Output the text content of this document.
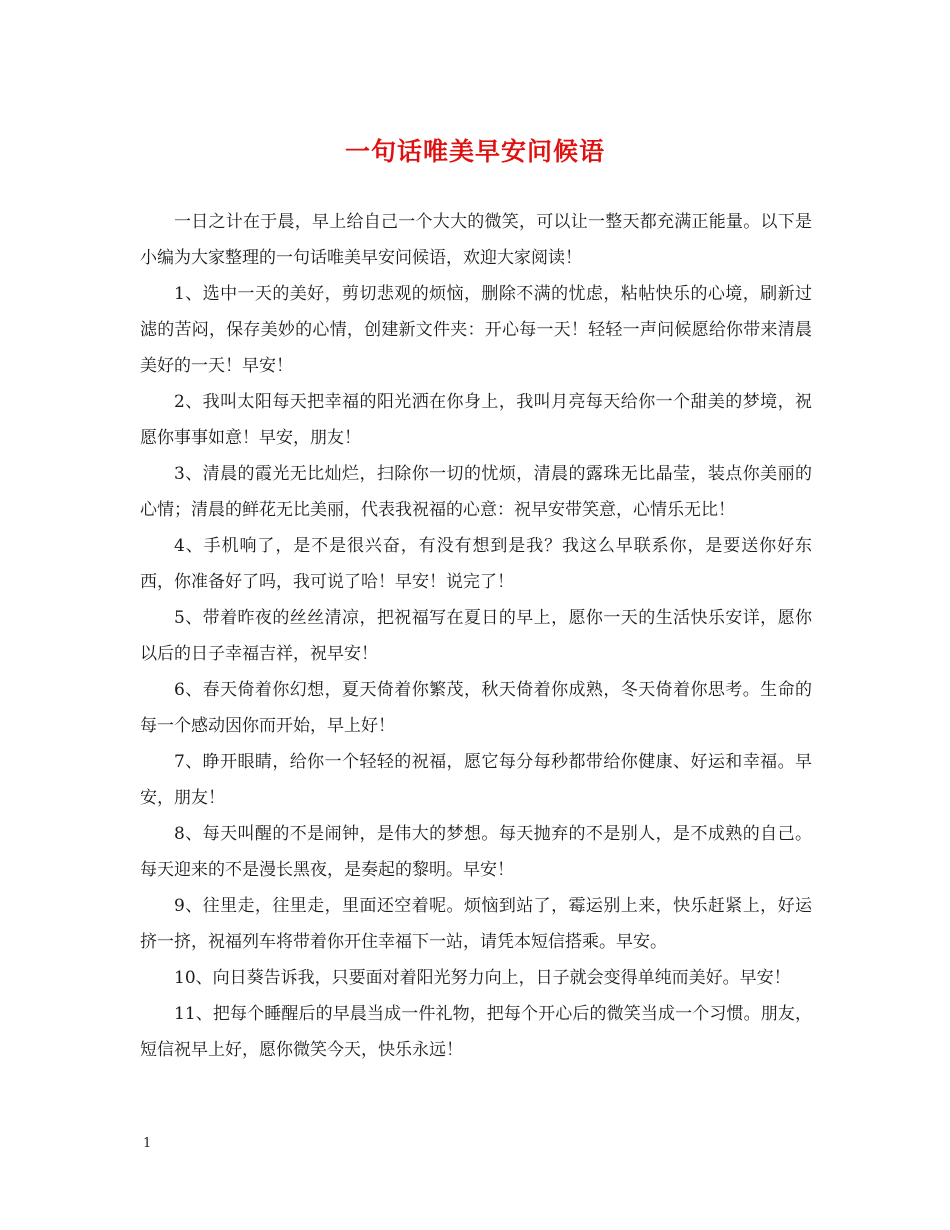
一句话唯美早安问候语

一日之计在于晨，早上给自己一个大大的微笑，可以让一整天都充满正能量。以下是小编为大家整理的一句话唯美早安问候语，欢迎大家阅读！

1、选中一天的美好，剪切悲观的烦恼，删除不满的忧虑，粘帖快乐的心境，刷新过滤的苦闷，保存美妙的心情，创建新文件夹：开心每一天！轻轻一声问候愿给你带来清晨美好的一天！早安！

2、我叫太阳每天把幸福的阳光洒在你身上，我叫月亮每天给你一个甜美的梦境，祝愿你事事如意！早安，朋友！

3、清晨的霞光无比灿烂，扫除你一切的忧烦，清晨的露珠无比晶莹，装点你美丽的心情；清晨的鲜花无比美丽，代表我祝福的心意：祝早安带笑意，心情乐无比！

4、手机响了，是不是很兴奋，有没有想到是我？我这么早联系你，是要送你好东西，你准备好了吗，我可说了哈！早安！说完了！

5、带着昨夜的丝丝清凉，把祝福写在夏日的早上，愿你一天的生活快乐安详，愿你以后的日子幸福吉祥，祝早安！

6、春天倚着你幻想，夏天倚着你繁茂，秋天倚着你成熟，冬天倚着你思考。生命的每一个感动因你而开始，早上好！

7、睁开眼睛，给你一个轻轻的祝福，愿它每分每秒都带给你健康、好运和幸福。早安，朋友！

8、每天叫醒的不是闹钟，是伟大的梦想。每天抛弃的不是别人，是不成熟的自己。每天迎来的不是漫长黑夜，是奏起的黎明。早安！

9、往里走，往里走，里面还空着呢。烦恼到站了，霉运别上来，快乐赶紧上，好运挤一挤，祝福列车将带着你开住幸福下一站，请凭本短信搭乘。早安。

10、向日葵告诉我，只要面对着阳光努力向上，日子就会变得单纯而美好。早安！

11、把每个睡醒后的早晨当成一件礼物，把每个开心后的微笑当成一个习惯。朋友，短信祝早上好，愿你微笑今天，快乐永远！

1
